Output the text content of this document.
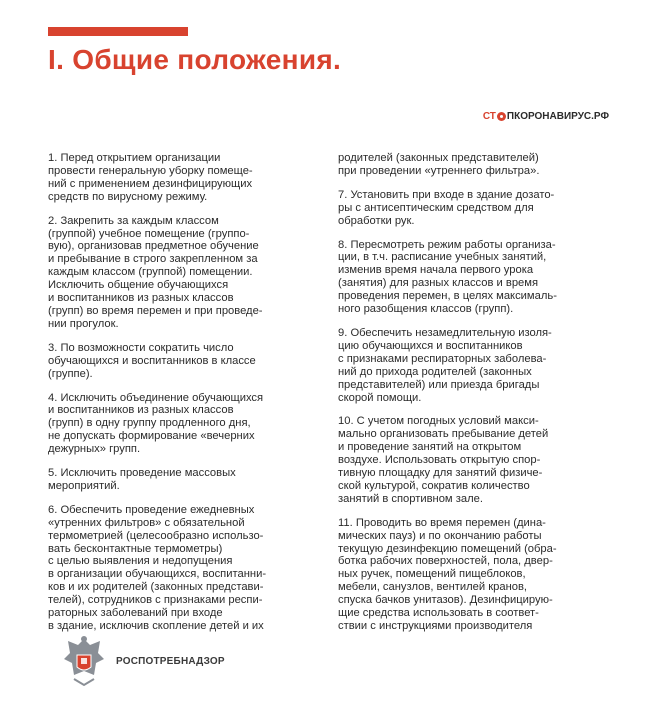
I. Общие положения.
СТ ПКОРОНАВИРУС.РФ

1. Перед открытием организации
провести генеральную уборку помеще-
ний с применением дезинфицирующих
средств по вирусному режиму.

2. Закрепить за каждым классом
(группой) учебное помещение (группо-
вую), организовав предметное обучение
и пребывание в строго закрепленном за
каждым классом (группой) помещении.
Исключить общение обучающихся
и воспитанников из разных классов
(групп) во время перемен и при проведе-
нии прогулок.

3. По возможности сократить число
обучающихся и воспитанников в классе
(группе).

4. Исключить объединение обучающихся
и воспитанников из разных классов
(групп) в одну группу продленного дня,
не допускать формирование «вечерних
дежурных» групп.

5. Исключить проведение массовых
мероприятий.

6. Обеспечить проведение ежедневных
«утренних фильтров» с обязательной
термометрией (целесообразно использо-
вать бесконтактные термометры)
с целью выявления и недопущения
в организации обучающихся, воспитанни-
ков и их родителей (законных представи-
телей), сотрудников с признаками респи-
раторных заболеваний при входе
в здание, исключив скопление детей и их

родителей (законных представителей)
при проведении «утреннего фильтра».

7. Установить при входе в здание дозато-
ры с антисептическим средством для
обработки рук.

8. Пересмотреть режим работы организа-
ции, в т.ч. расписание учебных занятий,
изменив время начала первого урока
(занятия) для разных классов и время
проведения перемен, в целях максималь-
ного разобщения классов (групп).

9. Обеспечить незамедлительную изоля-
цию обучающихся и воспитанников
с признаками респираторных заболева-
ний до прихода родителей (законных
представителей) или приезда бригады
скорой помощи.

10. С учетом погодных условий макси-
мально организовать пребывание детей
и проведение занятий на открытом
воздухе. Использовать открытую спор-
тивную площадку для занятий физиче-
ской культурой, сократив количество
занятий в спортивном зале.

11. Проводить во время перемен (дина-
мических пауз) и по окончанию работы
текущую дезинфекцию помещений (обра-
ботка рабочих поверхностей, пола, двер-
ных ручек, помещений пищеблоков,
мебели, санузлов, вентилей кранов,
спуска бачков унитазов). Дезинфицирую-
щие средства использовать в соответ-
ствии с инструкциями производителя

РОСПОТРЕБНАДЗОР
